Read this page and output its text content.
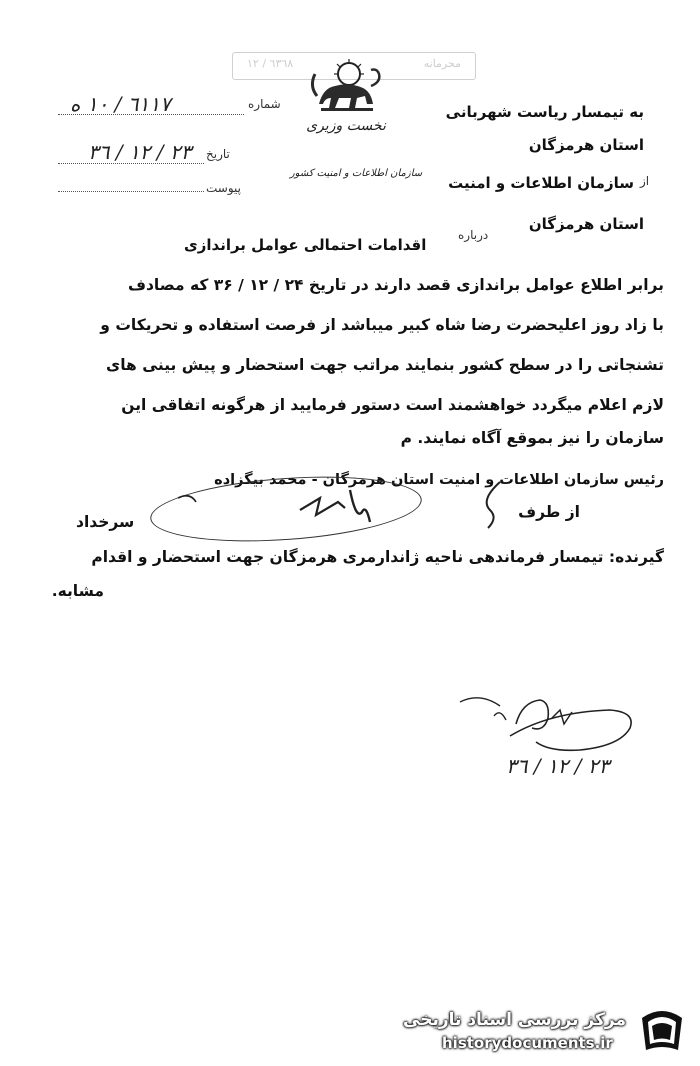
٦٣٦٨ / ١٢	محرمانه
نخست وزیری
سازمان اطلاعات و امنیت کشور
شماره
٦١١٧ / ۱۰ ه
تاریخ
٢٣ / ١٢ / ٣٦
پیوست
به تیمسار ریاست شهربانی
استان هرمزگان
از
سازمان اطلاعات و امنیت
استان هرمزگان
درباره
اقدامات احتمالی عوامل براندازی
برابر اطلاع عوامل براندازی قصد دارند در تاریخ ۲۴ / ۱۲ / ۳۶ که مصادف
با زاد روز اعلیحضرت رضا شاه کبیر میباشد از فرصت استفاده و تحریکات و
تشنجاتی را در سطح کشور بنمایند مراتب جهت استحضار و پیش بینی های
لازم اعلام میگردد خواهشمند است دستور فرمایید از هرگونه اتفاقی این
سازمان را نیز بموقع آگاه نمایند. م
رئیس سازمان اطلاعات و امنیت استان هرمزگان - محمد بیگزاده
از طرف
سرخداد
گیرنده: تیمسار فرماندهی ناحیه ژاندارمری هرمزگان جهت استحضار و اقدام
مشابه.
٢٣ / ١٢ / ٣٦
مرکز بررسی اسناد تاریخی
historydocuments.ir
